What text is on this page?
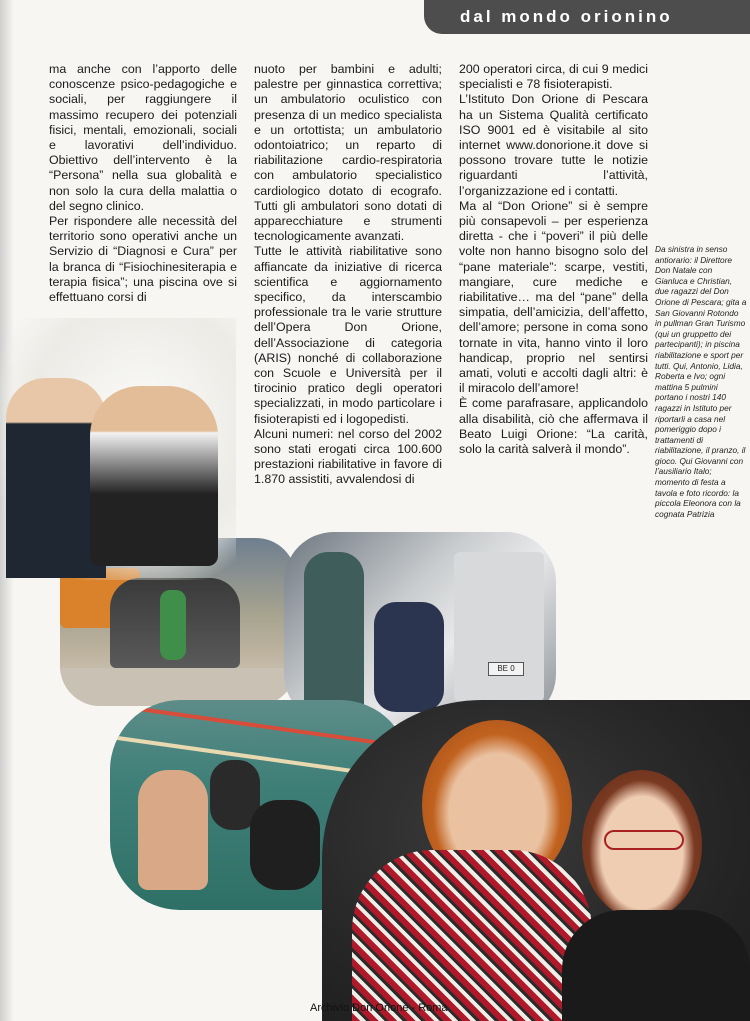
dal mondo orionino

ma anche con l’apporto delle conoscenze psico-pedagogiche e sociali, per raggiungere il massimo recupero dei potenziali fisici, mentali, emozionali, sociali e lavorativi dell’individuo. Obiettivo dell’intervento è la “Persona” nella sua globalità e non solo la cura della malattia o del segno clinico.

Per rispondere alle necessità del territorio sono operativi anche un Servizio di “Diagnosi e Cura” per la branca di “Fisiochinesiterapia e terapia fisica”; una piscina ove si effettuano corsi di

nuoto per bambini e adulti; palestre per ginnastica correttiva; un ambulatorio oculistico con presenza di un medico specialista e un ortottista; un ambulatorio odontoiatrico; un reparto di riabilitazione cardio-respiratoria con ambulatorio specialistico cardiologico dotato di ecografo. Tutti gli ambulatori sono dotati di apparecchiature e strumenti tecnologicamente avanzati.

Tutte le attività riabilitative sono affiancate da iniziative di ricerca scientifica e aggiornamento specifico, da interscambio professionale tra le varie strutture dell’Opera Don Orione, dell’Associazione di categoria (ARIS) nonché di collaborazione con Scuole e Università per il tirocinio pratico degli operatori specializzati, in modo particolare i fisioterapisti ed i logopedisti.

Alcuni numeri: nel corso del 2002 sono stati erogati circa 100.600 prestazioni riabilitative in favore di 1.870 assistiti, avvalendosi di

200 operatori circa, di cui 9 medici specialisti e 78 fisioterapisti.

L’Istituto Don Orione di Pescara ha un Sistema Qualità certificato ISO 9001 ed è visitabile al sito internet www.donorione.it dove si possono trovare tutte le notizie riguardanti l’attività, l’organizzazione ed i contatti.

Ma al “Don Orione” si è sempre più consapevoli – per esperienza diretta - che i “poveri” il più delle volte non hanno bisogno solo del “pane materiale”: scarpe, vestiti, mangiare, cure mediche e riabilitative… ma del “pane” della simpatia, dell’amicizia, dell’affetto, dell’amore; persone in coma sono tornate in vita, hanno vinto il loro handicap, proprio nel sentirsi amati, voluti e accolti dagli altri: è il miracolo dell’amore!

È come parafrasare, applicandolo alla disabilità, ciò che affermava il Beato Luigi Orione: “La carità, solo la carità salverà il mondo”.

Da sinistra in senso antiorario: il Direttore Don Natale con Gianluca e Christian, due ragazzi del Don Orione di Pescara; gita a San Giovanni Rotondo in pullman Gran Turismo (qui un gruppetto dei partecipanti); in piscina riabilitazione e sport per tutti. Qui, Antonio, Lidia, Roberta e Ivo; ogni mattina 5 pulmini portano i nostri 140 ragazzi in Istituto per riportarli a casa nel pomeriggio dopo i trattamenti di riabilitazione, il pranzo, il gioco. Qui Giovanni con l’ausiliario Italo; momento di festa a tavola e foto ricordo: la piccola Eleonora con la cognata Patrizia
BE 0
Archivio Don Orione - Roma
